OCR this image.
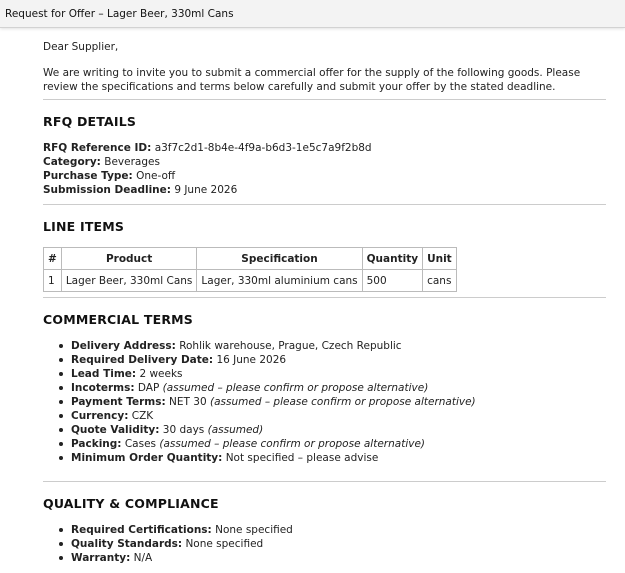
Request for Offer – Lager Beer, 330ml Cans

Dear Supplier,

We are writing to invite you to submit a commercial offer for the supply of the following goods. Please review the specifications and terms below carefully and submit your offer by the stated deadline.

RFQ DETAILS
RFQ Reference ID: a3f7c2d1-8b4e-4f9a-b6d3-1e5c7a9f2b8d
Category: Beverages
Purchase Type: One-off
Submission Deadline: 9 June 2026
LINE ITEMS
#	Product	Specification	Quantity	Unit
1	Lager Beer, 330ml Cans	Lager, 330ml aluminium cans	500	cans
COMMERCIAL TERMS
Delivery Address: Rohlik warehouse, Prague, Czech Republic
Required Delivery Date: 16 June 2026
Lead Time: 2 weeks
Incoterms: DAP (assumed – please confirm or propose alternative)
Payment Terms: NET 30 (assumed – please confirm or propose alternative)
Currency: CZK
Quote Validity: 30 days (assumed)
Packing: Cases (assumed – please confirm or propose alternative)
Minimum Order Quantity: Not specified – please advise
QUALITY & COMPLIANCE
Required Certifications: None specified
Quality Standards: None specified
Warranty: N/A
